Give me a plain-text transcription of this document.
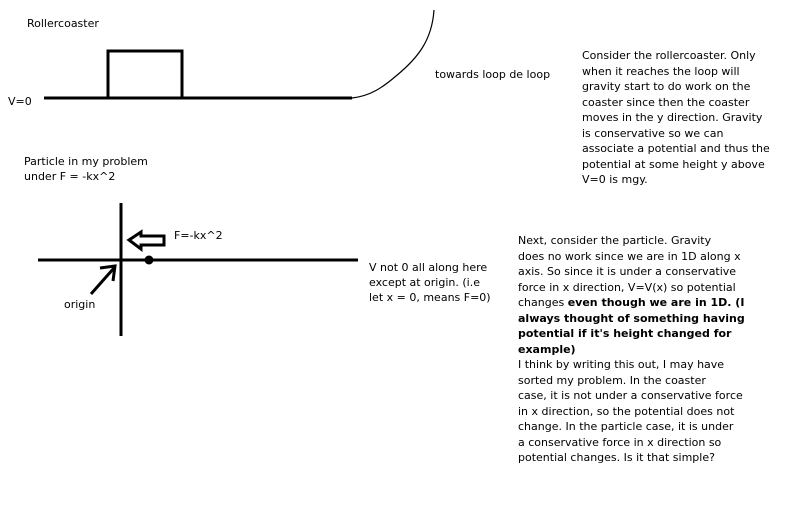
Rollercoaster
V=0
towards loop de loop
Particle in my problem
under F = -kx^2
F=-kx^2
origin
V not 0 all along here
except at origin. (i.e
let x = 0, means F=0)
Consider the rollercoaster. Only
when it reaches the loop will
gravity start to do work on the
coaster since then the coaster
moves in the y direction. Gravity
is conservative so we can
associate a potential and thus the
potential at some height y above
V=0 is mgy.
Next, consider the particle. Gravity
does no work since we are in 1D along x
axis. So since it is under a conservative
force in x direction, V=V(x) so potential
changes even though we are in 1D. (I
always thought of something having
potential if it's height changed for
example)
I think by writing this out, I may have
sorted my problem. In the coaster
case, it is not under a conservative force
in x direction, so the potential does not
change. In the particle case, it is under
a conservative force in x direction so
potential changes. Is it that simple?
